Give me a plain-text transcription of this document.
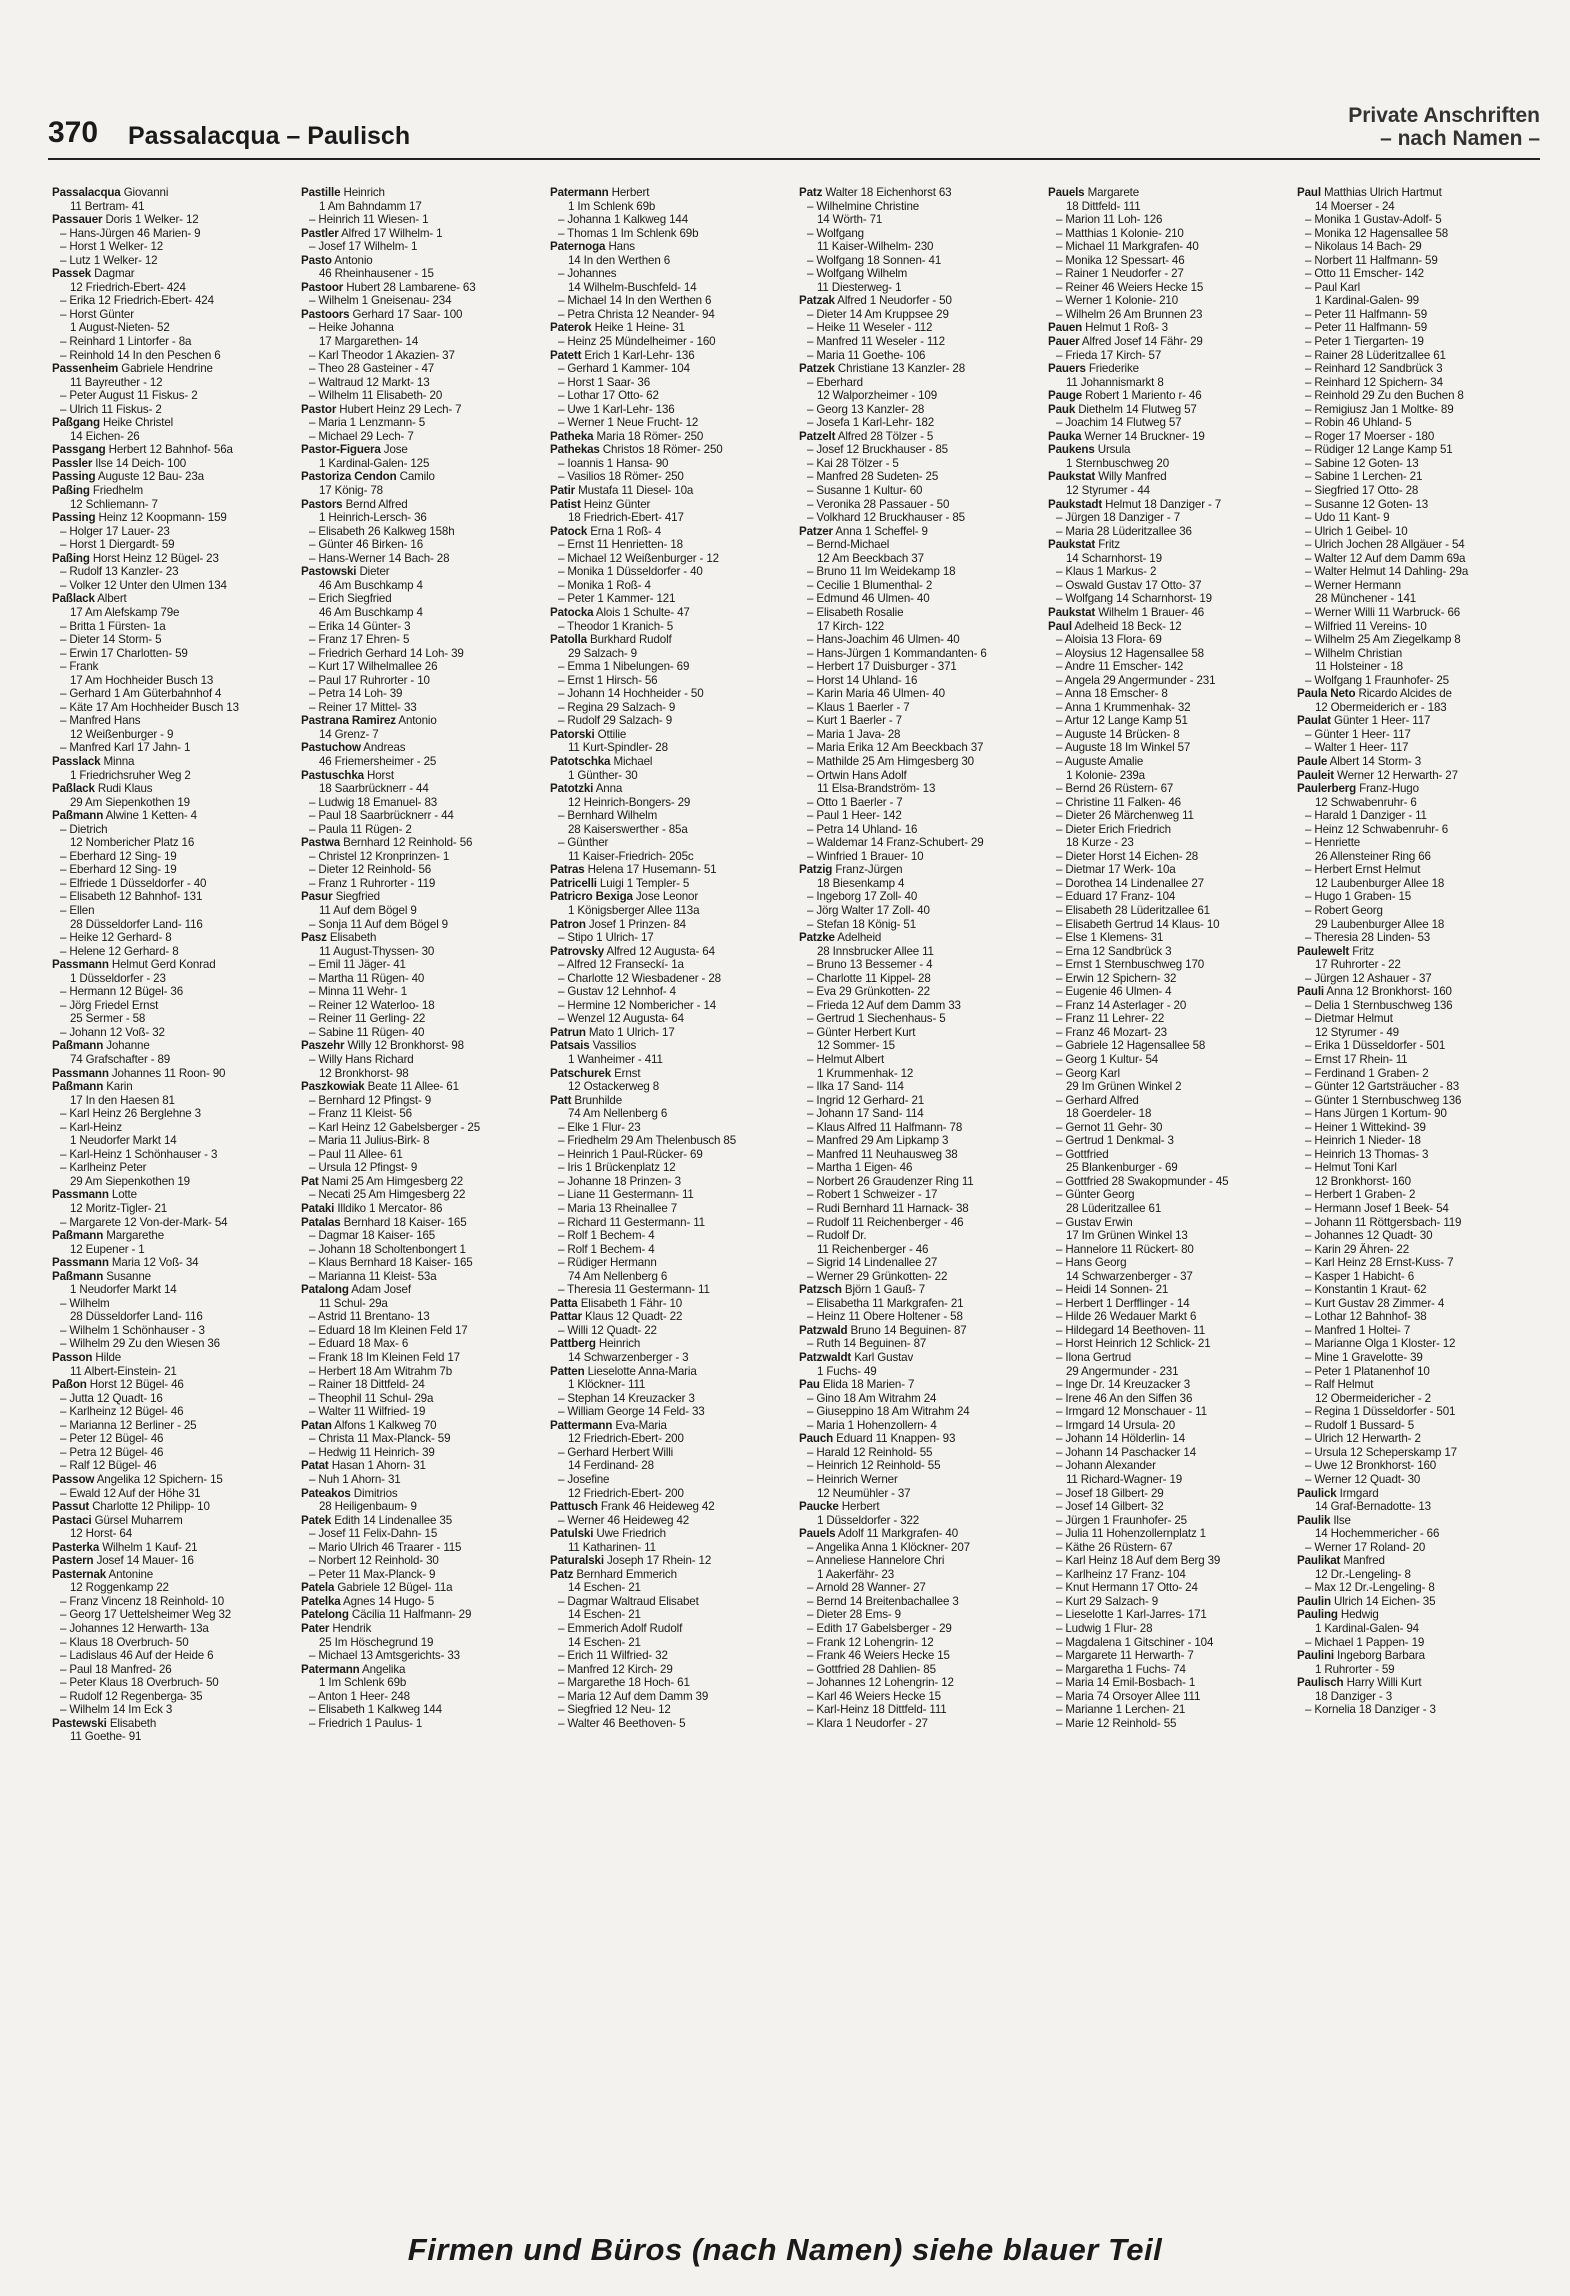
370 Passalacqua – Paulisch
Private Anschriften
– nach Namen –
Passalacqua Giovanni
11 Bertram- 41
Passauer Doris 1 Welker- 12
– Hans-Jürgen 46 Marien- 9
– Horst 1 Welker- 12
– Lutz 1 Welker- 12
Passek Dagmar
12 Friedrich-Ebert- 424
– Erika 12 Friedrich-Ebert- 424
– Horst Günter
1 August-Nieten- 52
– Reinhard 1 Lintorfer - 8a
– Reinhold 14 In den Peschen 6
Passenheim Gabriele Hendrine
11 Bayreuther - 12
– Peter August 11 Fiskus- 2
– Ulrich 11 Fiskus- 2
Paßgang Heike Christel
14 Eichen- 26
Passgang Herbert 12 Bahnhof- 56a
Passler Ilse 14 Deich- 100
Passing Auguste 12 Bau- 23a
Paßing Friedhelm
12 Schliemann- 7
Passing Heinz 12 Koopmann- 159
– Holger 17 Lauer- 23
– Horst 1 Diergardt- 59
Paßing Horst Heinz 12 Bügel- 23
– Rudolf 13 Kanzler- 23
– Volker 12 Unter den Ulmen 134
Paßlack Albert
17 Am Alefskamp 79e
– Britta 1 Fürsten- 1a
– Dieter 14 Storm- 5
– Erwin 17 Charlotten- 59
– Frank
17 Am Hochheider Busch 13
– Gerhard 1 Am Güterbahnhof 4
– Käte 17 Am Hochheider Busch 13
– Manfred Hans
12 Weißenburger - 9
– Manfred Karl 17 Jahn- 1
Passlack Minna
1 Friedrichsruher Weg 2
Paßlack Rudi Klaus
29 Am Siepenkothen 19
Paßmann Alwine 1 Ketten- 4
– Dietrich
12 Nombericher Platz 16
– Eberhard 12 Sing- 19
– Eberhard 12 Sing- 19
– Elfriede 1 Düsseldorfer - 40
– Elisabeth 12 Bahnhof- 131
– Ellen
28 Düsseldorfer Land- 116
– Heike 12 Gerhard- 8
– Helene 12 Gerhard- 8
Passmann Helmut Gerd Konrad
1 Düsseldorfer - 23
– Hermann 12 Bügel- 36
– Jörg Friedel Ernst
25 Sermer - 58
– Johann 12 Voß- 32
Paßmann Johanne
74 Grafschafter - 89
Passmann Johannes 11 Roon- 90
Paßmann Karin
17 In den Haesen 81
– Karl Heinz 26 Berglehne 3
– Karl-Heinz
1 Neudorfer Markt 14
– Karl-Heinz 1 Schönhauser - 3
– Karlheinz Peter
29 Am Siepenkothen 19
Passmann Lotte
12 Moritz-Tigler- 21
– Margarete 12 Von-der-Mark- 54
Paßmann Margarethe
12 Eupener - 1
Passmann Maria 12 Voß- 34
Paßmann Susanne
1 Neudorfer Markt 14
– Wilhelm
28 Düsseldorfer Land- 116
– Wilhelm 1 Schönhauser - 3
– Wilhelm 29 Zu den Wiesen 36
Passon Hilde
11 Albert-Einstein- 21
Paßon Horst 12 Bügel- 46
– Jutta 12 Quadt- 16
– Karlheinz 12 Bügel- 46
– Marianna 12 Berliner - 25
– Peter 12 Bügel- 46
– Petra 12 Bügel- 46
– Ralf 12 Bügel- 46
Passow Angelika 12 Spichern- 15
– Ewald 12 Auf der Höhe 31
Passut Charlotte 12 Philipp- 10
Pastaci Gürsel Muharrem
12 Horst- 64
Pasterka Wilhelm 1 Kauf- 21
Pastern Josef 14 Mauer- 16
Pasternak Antonine
12 Roggenkamp 22
– Franz Vincenz 18 Reinhold- 10
– Georg 17 Uettelsheimer Weg 32
– Johannes 12 Herwarth- 13a
– Klaus 18 Overbruch- 50
– Ladislaus 46 Auf der Heide 6
– Paul 18 Manfred- 26
– Peter Klaus 18 Overbruch- 50
– Rudolf 12 Regenberga- 35
– Wilhelm 14 Im Eck 3
Pastewski Elisabeth
11 Goethe- 91
Pastille Heinrich
1 Am Bahndamm 17
– Heinrich 11 Wiesen- 1
Pastler Alfred 17 Wilhelm- 1
– Josef 17 Wilhelm- 1
Pasto Antonio
46 Rheinhausener - 15
Pastoor Hubert 28 Lambarene- 63
– Wilhelm 1 Gneisenau- 234
Pastoors Gerhard 17 Saar- 100
– Heike Johanna
17 Margarethen- 14
– Karl Theodor 1 Akazien- 37
– Theo 28 Gasteiner - 47
– Waltraud 12 Markt- 13
– Wilhelm 11 Elisabeth- 20
Pastor Hubert Heinz 29 Lech- 7
– Maria 1 Lenzmann- 5
– Michael 29 Lech- 7
Pastor-Figuera Jose
1 Kardinal-Galen- 125
Pastoriza Cendon Camilo
17 König- 78
Pastors Bernd Alfred
1 Heinrich-Lersch- 36
– Elisabeth 26 Kalkweg 158h
– Günter 46 Birken- 16
– Hans-Werner 14 Bach- 28
Pastowski Dieter
46 Am Buschkamp 4
– Erich Siegfried
46 Am Buschkamp 4
– Erika 14 Günter- 3
– Franz 17 Ehren- 5
– Friedrich Gerhard 14 Loh- 39
– Kurt 17 Wilhelmallee 26
– Paul 17 Ruhrorter - 10
– Petra 14 Loh- 39
– Reiner 17 Mittel- 33
Pastrana Ramirez Antonio
14 Grenz- 7
Pastuchow Andreas
46 Friemersheimer - 25
Pastuschka Horst
18 Saarbrücknerr - 44
– Ludwig 18 Emanuel- 83
– Paul 18 Saarbrücknerr - 44
– Paula 11 Rügen- 2
Pastwa Bernhard 12 Reinhold- 56
– Christel 12 Kronprinzen- 1
– Dieter 12 Reinhold- 56
– Franz 1 Ruhrorter - 119
Pasur Siegfried
11 Auf dem Bögel 9
– Sonja 11 Auf dem Bögel 9
Pasz Elisabeth
11 August-Thyssen- 30
– Emil 11 Jäger- 41
– Martha 11 Rügen- 40
– Minna 11 Wehr- 1
– Reiner 12 Waterloo- 18
– Reiner 11 Gerling- 22
– Sabine 11 Rügen- 40
Paszehr Willy 12 Bronkhorst- 98
– Willy Hans Richard
12 Bronkhorst- 98
Paszkowiak Beate 11 Allee- 61
– Bernhard 12 Pfingst- 9
– Franz 11 Kleist- 56
– Karl Heinz 12 Gabelsberger - 25
– Maria 11 Julius-Birk- 8
– Paul 11 Allee- 61
– Ursula 12 Pfingst- 9
Pat Nami 25 Am Himgesberg 22
– Necati 25 Am Himgesberg 22
Pataki Illdiko 1 Mercator- 86
Patalas Bernhard 18 Kaiser- 165
– Dagmar 18 Kaiser- 165
– Johann 18 Scholtenbongert 1
– Klaus Bernhard 18 Kaiser- 165
– Marianna 11 Kleist- 53a
Patalong Adam Josef
11 Schul- 29a
– Astrid 11 Brentano- 13
– Eduard 18 Im Kleinen Feld 17
– Eduard 18 Max- 6
– Frank 18 Im Kleinen Feld 17
– Herbert 18 Am Witrahm 7b
– Rainer 18 Dittfeld- 24
– Theophil 11 Schul- 29a
– Walter 11 Wilfried- 19
Patan Alfons 1 Kalkweg 70
– Christa 11 Max-Planck- 59
– Hedwig 11 Heinrich- 39
Patat Hasan 1 Ahorn- 31
– Nuh 1 Ahorn- 31
Pateakos Dimitrios
28 Heiligenbaum- 9
Patek Edith 14 Lindenallee 35
– Josef 11 Felix-Dahn- 15
– Mario Ulrich 46 Traarer - 115
– Norbert 12 Reinhold- 30
– Peter 11 Max-Planck- 9
Patela Gabriele 12 Bügel- 11a
Patelka Agnes 14 Hugo- 5
Patelong Cäcilia 11 Halfmann- 29
Pater Hendrik
25 Im Höschegrund 19
– Michael 13 Amtsgerichts- 33
Patermann Angelika
1 Im Schlenk 69b
– Anton 1 Heer- 248
– Elisabeth 1 Kalkweg 144
– Friedrich 1 Paulus- 1
Patermann Herbert
1 Im Schlenk 69b
– Johanna 1 Kalkweg 144
– Thomas 1 Im Schlenk 69b
Paternoga Hans
14 In den Werthen 6
– Johannes
14 Wilhelm-Buschfeld- 14
– Michael 14 In den Werthen 6
– Petra Christa 12 Neander- 94
Paterok Heike 1 Heine- 31
– Heinz 25 Mündelheimer - 160
Patett Erich 1 Karl-Lehr- 136
– Gerhard 1 Kammer- 104
– Horst 1 Saar- 36
– Lothar 17 Otto- 62
– Uwe 1 Karl-Lehr- 136
– Werner 1 Neue Frucht- 12
Patheka Maria 18 Römer- 250
Pathekas Christos 18 Römer- 250
– Ioannis 1 Hansa- 90
– Vasilios 18 Römer- 250
Patir Mustafa 11 Diesel- 10a
Patist Heinz Günter
18 Friedrich-Ebert- 417
Patock Erna 1 Roß- 4
– Ernst 11 Henrietten- 18
– Michael 12 Weißenburger - 12
– Monika 1 Düsseldorfer - 40
– Monika 1 Roß- 4
– Peter 1 Kammer- 121
Patocka Alois 1 Schulte- 47
– Theodor 1 Kranich- 5
Patolla Burkhard Rudolf
29 Salzach- 9
– Emma 1 Nibelungen- 69
– Ernst 1 Hirsch- 56
– Johann 14 Hochheider - 50
– Regina 29 Salzach- 9
– Rudolf 29 Salzach- 9
Patorski Ottilie
11 Kurt-Spindler- 28
Patotschka Michael
1 Günther- 30
Patotzki Anna
12 Heinrich-Bongers- 29
– Bernhard Wilhelm
28 Kaiserswerther - 85a
– Günther
11 Kaiser-Friedrich- 205c
Patras Helena 17 Husemann- 51
Patricelli Luigi 1 Templer- 5
Patricro Bexiga Jose Leonor
1 Königsberger Allee 113a
Patron Josef 1 Prinzen- 84
– Stipo 1 Ulrich- 17
Patrovsky Alfred 12 Augusta- 64
– Alfred 12 Franseckí- 1a
– Charlotte 12 Wiesbadener - 28
– Gustav 12 Lehnhof- 4
– Hermine 12 Nombericher - 14
– Wenzel 12 Augusta- 64
Patrun Mato 1 Ulrich- 17
Patsais Vassilios
1 Wanheimer - 411
Patschurek Ernst
12 Ostackerweg 8
Patt Brunhilde
74 Am Nellenberg 6
– Elke 1 Flur- 23
– Friedhelm 29 Am Thelenbusch 85
– Heinrich 1 Paul-Rücker- 69
– Iris 1 Brückenplatz 12
– Johanne 18 Prinzen- 3
– Liane 11 Gestermann- 11
– Maria 13 Rheinallee 7
– Richard 11 Gestermann- 11
– Rolf 1 Bechem- 4
– Rolf 1 Bechem- 4
– Rüdiger Hermann
74 Am Nellenberg 6
– Theresia 11 Gestermann- 11
Patta Elisabeth 1 Fähr- 10
Pattar Klaus 12 Quadt- 22
– Willi 12 Quadt- 22
Pattberg Heinrich
14 Schwarzenberger - 3
Patten Lieselotte Anna-Maria
1 Klöckner- 111
– Stephan 14 Kreuzacker 3
– William George 14 Feld- 33
Pattermann Eva-Maria
12 Friedrich-Ebert- 200
– Gerhard Herbert Willi
14 Ferdinand- 28
– Josefine
12 Friedrich-Ebert- 200
Pattusch Frank 46 Heideweg 42
– Werner 46 Heideweg 42
Patulski Uwe Friedrich
11 Katharinen- 11
Paturalski Joseph 17 Rhein- 12
Patz Bernhard Emmerich
14 Eschen- 21
– Dagmar Waltraud Elisabet
14 Eschen- 21
– Emmerich Adolf Rudolf
14 Eschen- 21
– Erich 11 Wilfried- 32
– Manfred 12 Kirch- 29
– Margarethe 18 Hoch- 61
– Maria 12 Auf dem Damm 39
– Siegfried 12 Neu- 12
– Walter 46 Beethoven- 5
Patz Walter 18 Eichenhorst 63
– Wilhelmine Christine
14 Wörth- 71
– Wolfgang
11 Kaiser-Wilhelm- 230
– Wolfgang 18 Sonnen- 41
– Wolfgang Wilhelm
11 Diesterweg- 1
Patzak Alfred 1 Neudorfer - 50
– Dieter 14 Am Kruppsee 29
– Heike 11 Weseler - 112
– Manfred 11 Weseler - 112
– Maria 11 Goethe- 106
Patzek Christiane 13 Kanzler- 28
– Eberhard
12 Walporzheimer - 109
– Georg 13 Kanzler- 28
– Josefa 1 Karl-Lehr- 182
Patzelt Alfred 28 Tölzer - 5
– Josef 12 Bruckhauser - 85
– Kai 28 Tölzer - 5
– Manfred 28 Sudeten- 25
– Susanne 1 Kultur- 60
– Veronika 28 Passauer - 50
– Volkhard 12 Bruckhauser - 85
Patzer Anna 1 Scheffel- 9
– Bernd-Michael
12 Am Beeckbach 37
– Bruno 11 Im Weidekamp 18
– Cecilie 1 Blumenthal- 2
– Edmund 46 Ulmen- 40
– Elisabeth Rosalie
17 Kirch- 122
– Hans-Joachim 46 Ulmen- 40
– Hans-Jürgen 1 Kommandanten- 6
– Herbert 17 Duisburger - 371
– Horst 14 Uhland- 16
– Karin Maria 46 Ulmen- 40
– Klaus 1 Baerler - 7
– Kurt 1 Baerler - 7
– Maria 1 Java- 28
– Maria Erika 12 Am Beeckbach 37
– Mathilde 25 Am Himgesberg 30
– Ortwin Hans Adolf
11 Elsa-Brandström- 13
– Otto 1 Baerler - 7
– Paul 1 Heer- 142
– Petra 14 Uhland- 16
– Waldemar 14 Franz-Schubert- 29
– Winfried 1 Brauer- 10
Patzig Franz-Jürgen
18 Biesenkamp 4
– Ingeborg 17 Zoll- 40
– Jörg Walter 17 Zoll- 40
– Stefan 18 König- 51
Patzke Adelheid
28 Innsbrucker Allee 11
– Bruno 13 Bessemer - 4
– Charlotte 11 Kippel- 28
– Eva 29 Grünkotten- 22
– Frieda 12 Auf dem Damm 33
– Gertrud 1 Siechenhaus- 5
– Günter Herbert Kurt
12 Sommer- 15
– Helmut Albert
1 Krummenhak- 12
– Ilka 17 Sand- 114
– Ingrid 12 Gerhard- 21
– Johann 17 Sand- 114
– Klaus Alfred 11 Halfmann- 78
– Manfred 29 Am Lipkamp 3
– Manfred 11 Neuhausweg 38
– Martha 1 Eigen- 46
– Norbert 26 Graudenzer Ring 11
– Robert 1 Schweizer - 17
– Rudi Bernhard 11 Harnack- 38
– Rudolf 11 Reichenberger - 46
– Rudolf Dr.
11 Reichenberger - 46
– Sigrid 14 Lindenallee 27
– Werner 29 Grünkotten- 22
Patzsch Björn 1 Gauß- 7
– Elisabetha 11 Markgrafen- 21
– Heinz 11 Obere Holtener - 58
Patzwald Bruno 14 Beguinen- 87
– Ruth 14 Beguinen- 87
Patzwaldt Karl Gustav
1 Fuchs- 49
Pau Elida 18 Marien- 7
– Gino 18 Am Witrahm 24
– Giuseppino 18 Am Witrahm 24
– Maria 1 Hohenzollern- 4
Pauch Eduard 11 Knappen- 93
– Harald 12 Reinhold- 55
– Heinrich 12 Reinhold- 55
– Heinrich Werner
12 Neumühler - 37
Paucke Herbert
1 Düsseldorfer - 322
Pauels Adolf 11 Markgrafen- 40
– Angelika Anna 1 Klöckner- 207
– Anneliese Hannelore Chri
1 Aakerfähr- 23
– Arnold 28 Wanner- 27
– Bernd 14 Breitenbachallee 3
– Dieter 28 Ems- 9
– Edith 17 Gabelsberger - 29
– Frank 12 Lohengrin- 12
– Frank 46 Weiers Hecke 15
– Gottfried 28 Dahlien- 85
– Johannes 12 Lohengrin- 12
– Karl 46 Weiers Hecke 15
– Karl-Heinz 18 Dittfeld- 111
– Klara 1 Neudorfer - 27
Pauels Margarete
18 Dittfeld- 111
– Marion 11 Loh- 126
– Matthias 1 Kolonie- 210
– Michael 11 Markgrafen- 40
– Monika 12 Spessart- 46
– Rainer 1 Neudorfer - 27
– Reiner 46 Weiers Hecke 15
– Werner 1 Kolonie- 210
– Wilhelm 26 Am Brunnen 23
Pauen Helmut 1 Roß- 3
Pauer Alfred Josef 14 Fähr- 29
– Frieda 17 Kirch- 57
Pauers Friederike
11 Johannismarkt 8
Pauge Robert 1 Mariento r- 46
Pauk Diethelm 14 Flutweg 57
– Joachim 14 Flutweg 57
Pauka Werner 14 Bruckner- 19
Paukens Ursula
1 Sternbuschweg 20
Paukstat Willy Manfred
12 Styrumer - 44
Paukstadt Helmut 18 Danziger - 7
– Jürgen 18 Danziger - 7
– Maria 28 Lüderitzallee 36
Paukstat Fritz
14 Scharnhorst- 19
– Klaus 1 Markus- 2
– Oswald Gustav 17 Otto- 37
– Wolfgang 14 Scharnhorst- 19
Paukstat Wilhelm 1 Brauer- 46
Paul Adelheid 18 Beck- 12
– Aloisia 13 Flora- 69
– Aloysius 12 Hagensallee 58
– Andre 11 Emscher- 142
– Angela 29 Angermunder - 231
– Anna 18 Emscher- 8
– Anna 1 Krummenhak- 32
– Artur 12 Lange Kamp 51
– Auguste 14 Brücken- 8
– Auguste 18 Im Winkel 57
– Auguste Amalie
1 Kolonie- 239a
– Bernd 26 Rüstern- 67
– Christine 11 Falken- 46
– Dieter 26 Märchenweg 11
– Dieter Erich Friedrich
18 Kurze - 23
– Dieter Horst 14 Eichen- 28
– Dietmar 17 Werk- 10a
– Dorothea 14 Lindenallee 27
– Eduard 17 Franz- 104
– Elisabeth 28 Lüderitzallee 61
– Elisabeth Gertrud 14 Klaus- 10
– Else 1 Klemens- 31
– Erna 12 Sandbrück 3
– Ernst 1 Sternbuschweg 170
– Erwin 12 Spichern- 32
– Eugenie 46 Ulmen- 4
– Franz 14 Asterlager - 20
– Franz 11 Lehrer- 22
– Franz 46 Mozart- 23
– Gabriele 12 Hagensallee 58
– Georg 1 Kultur- 54
– Georg Karl
29 Im Grünen Winkel 2
– Gerhard Alfred
18 Goerdeler- 18
– Gernot 11 Gehr- 30
– Gertrud 1 Denkmal- 3
– Gottfried
25 Blankenburger - 69
– Gottfried 28 Swakopmunder - 45
– Günter Georg
28 Lüderitzallee 61
– Gustav Erwin
17 Im Grünen Winkel 13
– Hannelore 11 Rückert- 80
– Hans Georg
14 Schwarzenberger - 37
– Heidi 14 Sonnen- 21
– Herbert 1 Derfflinger - 14
– Hilde 26 Wedauer Markt 6
– Hildegard 14 Beethoven- 11
– Horst Heinrich 12 Schlick- 21
– Ilona Gertrud
29 Angermunder - 231
– Inge Dr. 14 Kreuzacker 3
– Irene 46 An den Siffen 36
– Irmgard 12 Monschauer - 11
– Irmgard 14 Ursula- 20
– Johann 14 Hölderlin- 14
– Johann 14 Paschacker 14
– Johann Alexander
11 Richard-Wagner- 19
– Josef 18 Gilbert- 29
– Josef 14 Gilbert- 32
– Jürgen 1 Fraunhofer- 25
– Julia 11 Hohenzollernplatz 1
– Käthe 26 Rüstern- 67
– Karl Heinz 18 Auf dem Berg 39
– Karlheinz 17 Franz- 104
– Knut Hermann 17 Otto- 24
– Kurt 29 Salzach- 9
– Lieselotte 1 Karl-Jarres- 171
– Ludwig 1 Flur- 28
– Magdalena 1 Gitschiner - 104
– Margarete 11 Herwarth- 7
– Margaretha 1 Fuchs- 74
– Maria 14 Emil-Bosbach- 1
– Maria 74 Orsoyer Allee 111
– Marianne 1 Lerchen- 21
– Marie 12 Reinhold- 55
Paul Matthias Ulrich Hartmut
14 Moerser - 24
– Monika 1 Gustav-Adolf- 5
– Monika 12 Hagensallee 58
– Nikolaus 14 Bach- 29
– Norbert 11 Halfmann- 59
– Otto 11 Emscher- 142
– Paul Karl
1 Kardinal-Galen- 99
– Peter 11 Halfmann- 59
– Peter 11 Halfmann- 59
– Peter 1 Tiergarten- 19
– Rainer 28 Lüderitzallee 61
– Reinhard 12 Sandbrück 3
– Reinhard 12 Spichern- 34
– Reinhold 29 Zu den Buchen 8
– Remigiusz Jan 1 Moltke- 89
– Robin 46 Uhland- 5
– Roger 17 Moerser - 180
– Rüdiger 12 Lange Kamp 51
– Sabine 12 Goten- 13
– Sabine 1 Lerchen- 21
– Siegfried 17 Otto- 28
– Susanne 12 Goten- 13
– Udo 11 Kant- 9
– Ulrich 1 Geibel- 10
– Ulrich Jochen 28 Allgäuer - 54
– Walter 12 Auf dem Damm 69a
– Walter Helmut 14 Dahling- 29a
– Werner Hermann
28 Münchener - 141
– Werner Willi 11 Warbruck- 66
– Wilfried 11 Vereins- 10
– Wilhelm 25 Am Ziegelkamp 8
– Wilhelm Christian
11 Holsteiner - 18
– Wolfgang 1 Fraunhofer- 25
Paula Neto Ricardo Alcides de
12 Obermeiderich er - 183
Paulat Günter 1 Heer- 117
– Günter 1 Heer- 117
– Walter 1 Heer- 117
Paule Albert 14 Storm- 3
Pauleit Werner 12 Herwarth- 27
Paulerberg Franz-Hugo
12 Schwabenruhr- 6
– Harald 1 Danziger - 11
– Heinz 12 Schwabenruhr- 6
– Henriette
26 Allensteiner Ring 66
– Herbert Ernst Helmut
12 Laubenburger Allee 18
– Hugo 1 Graben- 15
– Robert Georg
29 Laubenburger Allee 18
– Theresia 28 Linden- 53
Paulewelt Fritz
17 Ruhrorter - 22
– Jürgen 12 Ashauer - 37
Pauli Anna 12 Bronkhorst- 160
– Delia 1 Sternbuschweg 136
– Dietmar Helmut
12 Styrumer - 49
– Erika 1 Düsseldorfer - 501
– Ernst 17 Rhein- 11
– Ferdinand 1 Graben- 2
– Günter 12 Gartsträucher - 83
– Günter 1 Sternbuschweg 136
– Hans Jürgen 1 Kortum- 90
– Heiner 1 Wittekind- 39
– Heinrich 1 Nieder- 18
– Heinrich 13 Thomas- 3
– Helmut Toni Karl
12 Bronkhorst- 160
– Herbert 1 Graben- 2
– Hermann Josef 1 Beek- 54
– Johann 11 Röttgersbach- 119
– Johannes 12 Quadt- 30
– Karin 29 Ähren- 22
– Karl Heinz 28 Ernst-Kuss- 7
– Kasper 1 Habicht- 6
– Konstantin 1 Kraut- 62
– Kurt Gustav 28 Zimmer- 4
– Lothar 12 Bahnhof- 38
– Manfred 1 Holtei- 7
– Marianne Olga 1 Kloster- 12
– Mine 1 Gravelotte- 39
– Peter 1 Platanenhof 10
– Ralf Helmut
12 Obermeidericher - 2
– Regina 1 Düsseldorfer - 501
– Rudolf 1 Bussard- 5
– Ulrich 12 Herwarth- 2
– Ursula 12 Scheperskamp 17
– Uwe 12 Bronkhorst- 160
– Werner 12 Quadt- 30
Paulick Irmgard
14 Graf-Bernadotte- 13
Paulik Ilse
14 Hochemmericher - 66
– Werner 17 Roland- 20
Paulikat Manfred
12 Dr.-Lengeling- 8
– Max 12 Dr.-Lengeling- 8
Paulin Ulrich 14 Eichen- 35
Pauling Hedwig
1 Kardinal-Galen- 94
– Michael 1 Pappen- 19
Paulini Ingeborg Barbara
1 Ruhrorter - 59
Paulisch Harry Willi Kurt
18 Danziger - 3
– Kornelia 18 Danziger - 3
Firmen und Büros (nach Namen) siehe blauer Teil
